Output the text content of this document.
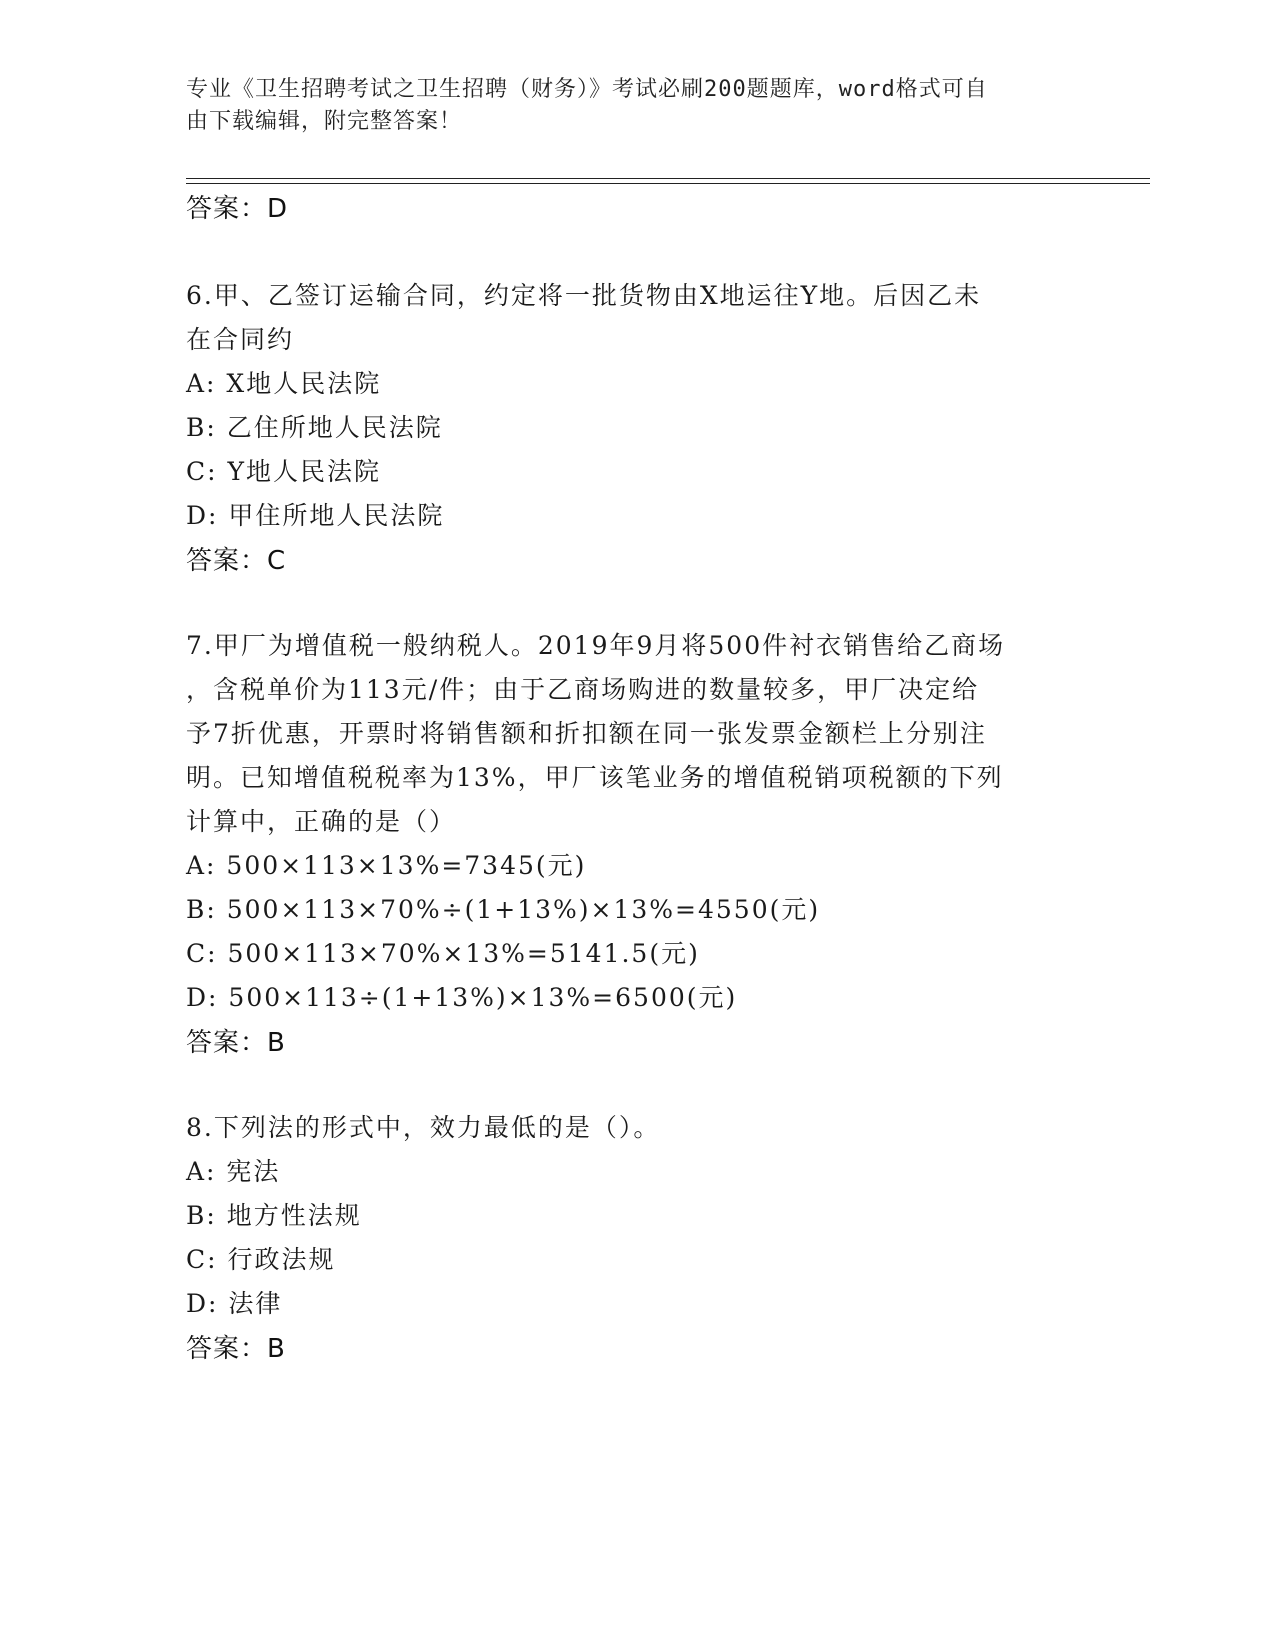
专业《卫生招聘考试之卫生招聘（财务）》考试必刷200题题库，word格式可自
由下载编辑，附完整答案！
答案：D
6.甲、乙签订运输合同，约定将一批货物由X地运往Y地。后因乙未
在合同约
A: X地人民法院
B: 乙住所地人民法院
C: Y地人民法院
D: 甲住所地人民法院
答案：C
7.甲厂为增值税一般纳税人。2019年9月将500件衬衣销售给乙商场
，含税单价为113元/件；由于乙商场购进的数量较多，甲厂决定给
予7折优惠，开票时将销售额和折扣额在同一张发票金额栏上分别注
明。已知增值税税率为13%，甲厂该笔业务的增值税销项税额的下列
计算中，正确的是（）
A: 500×113×13%=7345(元)
B: 500×113×70%÷(1+13%)×13%=4550(元)
C: 500×113×70%×13%=5141.5(元)
D: 500×113÷(1+13%)×13%=6500(元)
答案：B
8.下列法的形式中，效力最低的是（）。
A: 宪法
B: 地方性法规
C: 行政法规
D: 法律
答案：B
